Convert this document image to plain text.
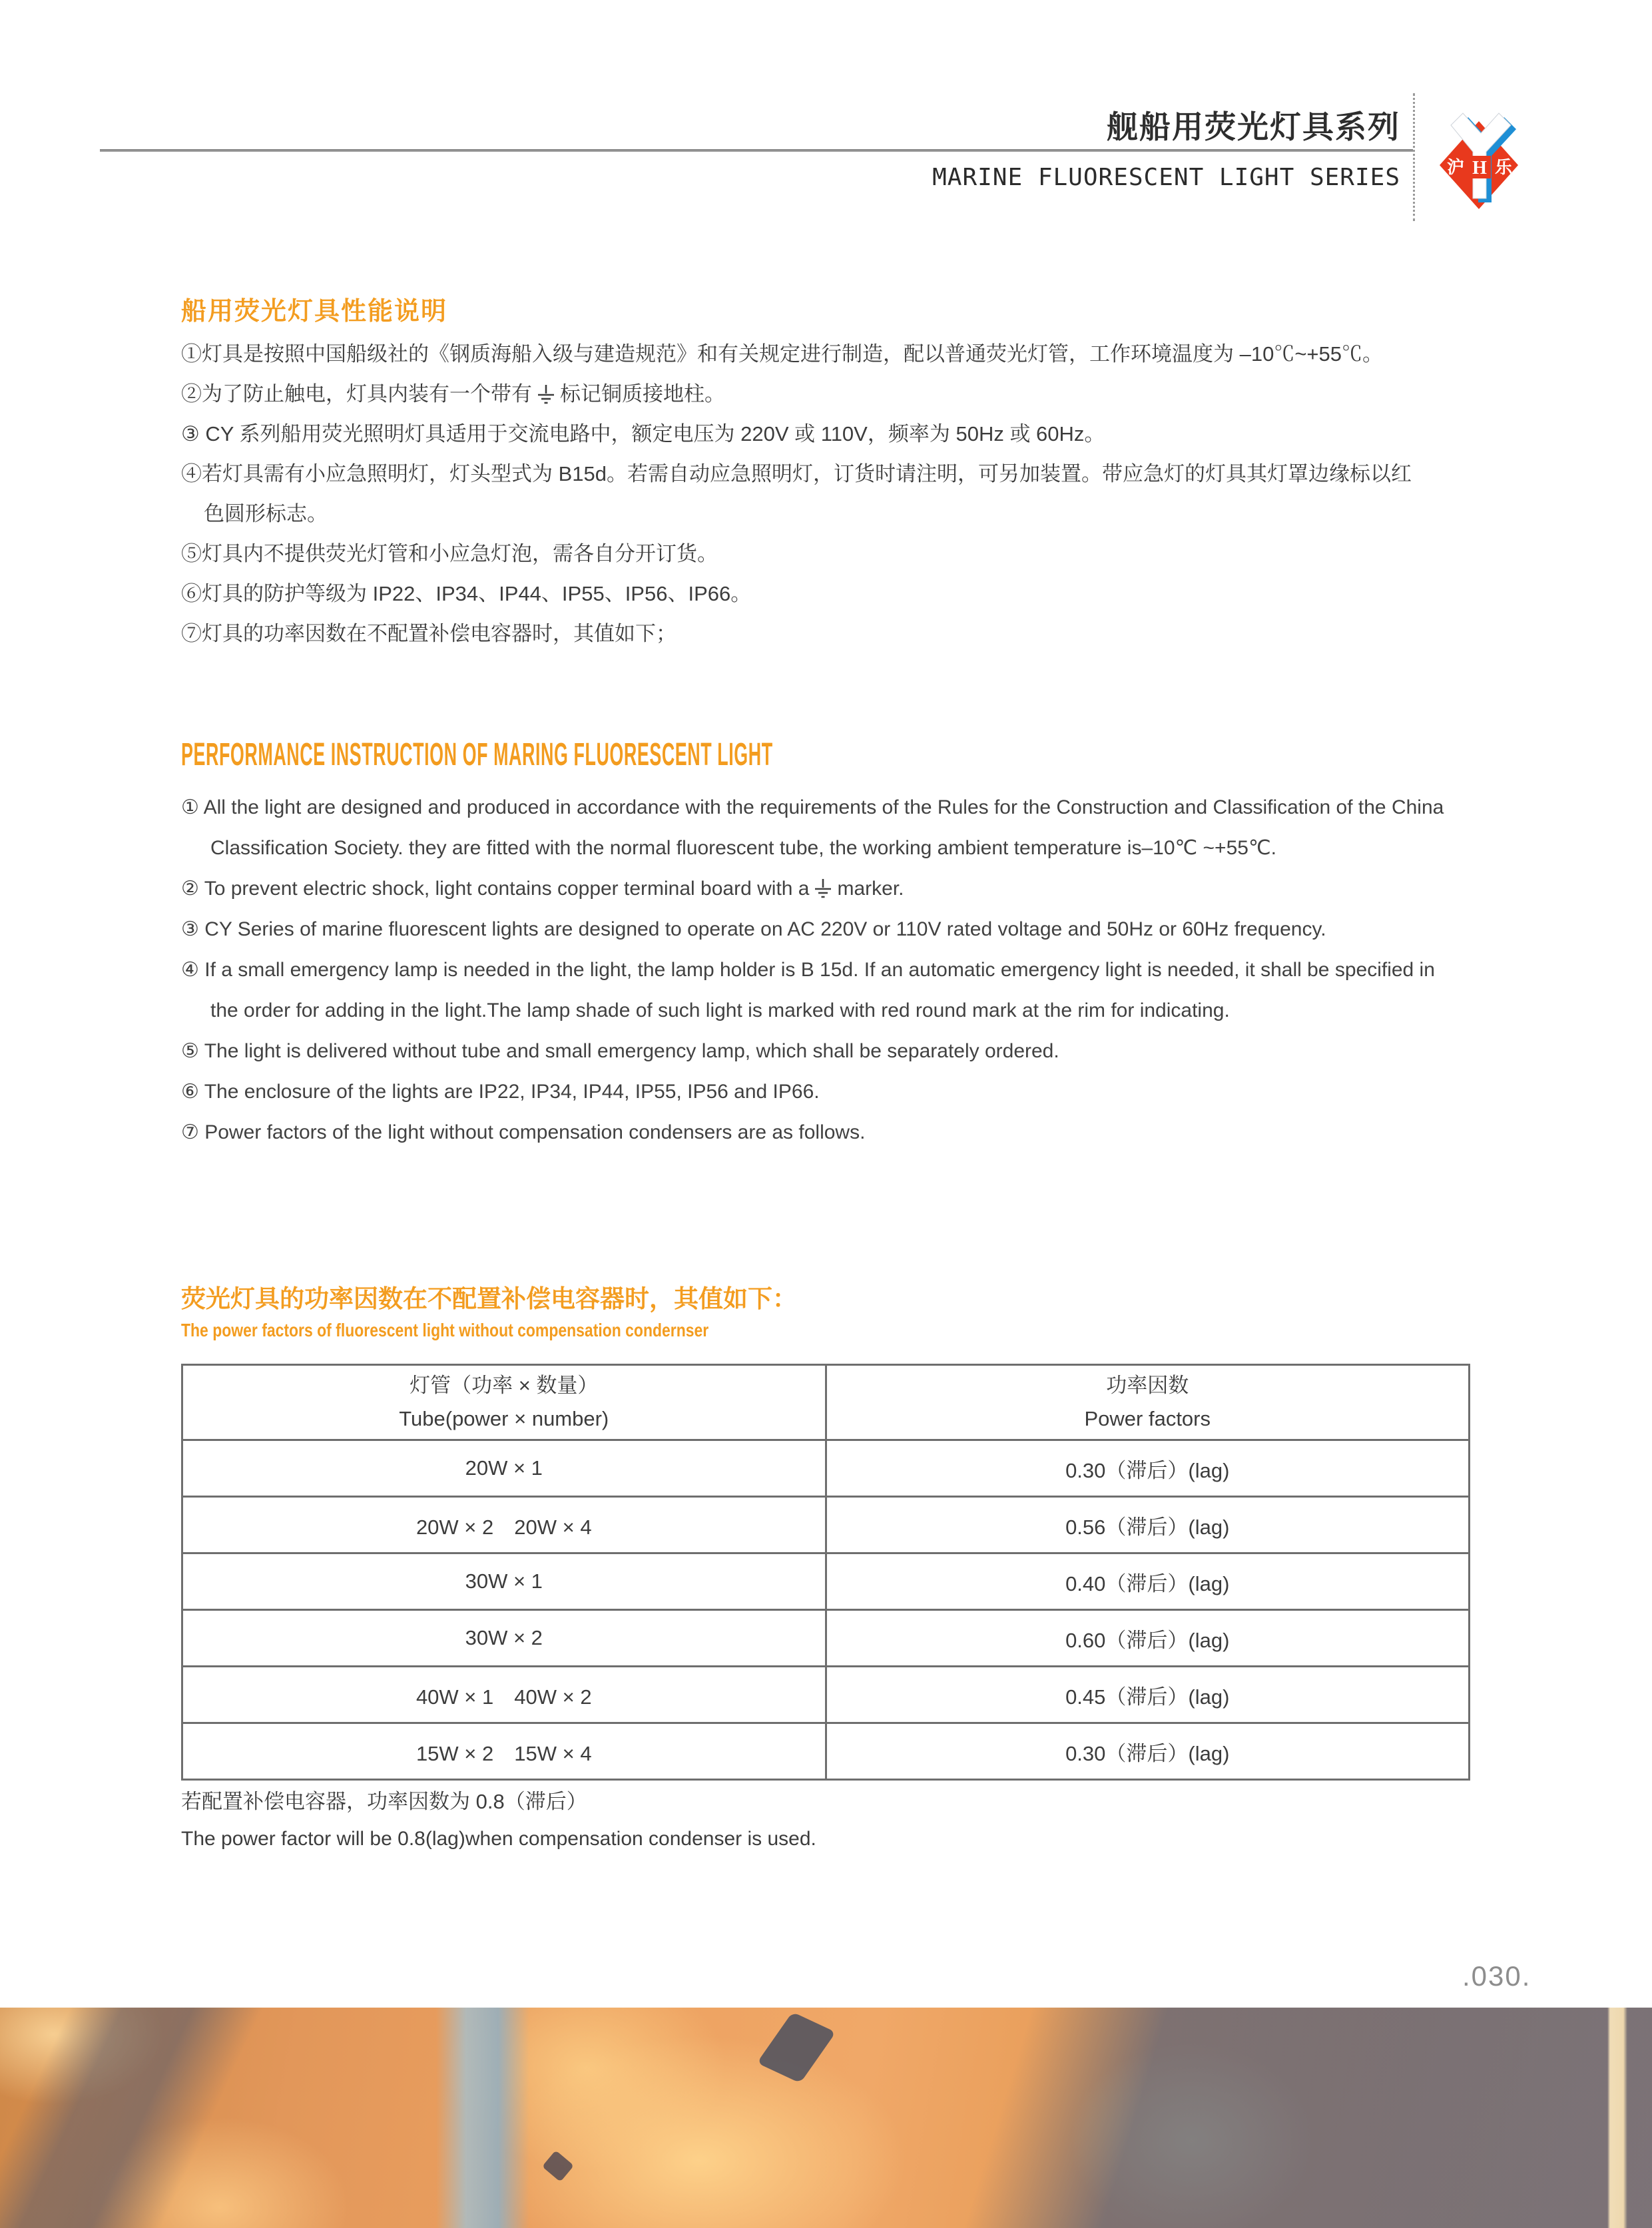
舰船用荧光灯具系列
MARINE FLUORESCENT LIGHT SERIES	沪 H 乐
船用荧光灯具性能说明
①灯具是按照中国船级社的《钢质海船入级与建造规范》和有关规定进行制造，配以普通荧光灯管，工作环境温度为 –10℃~+55℃。
②为了防止触电，灯具内装有一个带有 标记铜质接地柱。
③ CY 系列船用荧光照明灯具适用于交流电路中，额定电压为 220V 或 110V，频率为 50Hz 或 60Hz。
④若灯具需有小应急照明灯，灯头型式为 B15d。若需自动应急照明灯，订货时请注明，可另加装置。带应急灯的灯具其灯罩边缘标以红色圆形标志。
⑤灯具内不提供荧光灯管和小应急灯泡，需各自分开订货。
⑥灯具的防护等级为 IP22、IP34、IP44、IP55、IP56、IP66。
⑦灯具的功率因数在不配置补偿电容器时，其值如下；
PERFORMANCE INSTRUCTION OF MARING FLUORESCENT LIGHT
① All the light are designed and produced in accordance with the requirements of the Rules for the Construction and Classification of the China Classification Society. they are fitted with the normal fluorescent tube, the working ambient temperature is–10℃ ~+55℃.
② To prevent electric shock, light contains copper terminal board with a marker.
③ CY Series of marine fluorescent lights are designed to operate on AC 220V or 110V rated voltage and 50Hz or 60Hz frequency.
④ If a small emergency lamp is needed in the light, the lamp holder is B 15d. If an automatic emergency light is needed, it shall be specified in the order for adding in the light.The lamp shade of such light is marked with red round mark at the rim for indicating.
⑤ The light is delivered without tube and small emergency lamp, which shall be separately ordered.
⑥ The enclosure of the lights are IP22, IP34, IP44, IP55, IP56 and IP66.
⑦ Power factors of the light without compensation condensers are as follows.
荧光灯具的功率因数在不配置补偿电容器时，其值如下：
The power factors of fluorescent light without compensation condernser
灯管（功率 × 数量）
Tube(power × number)

功率因数
Power factors

20W × 1	0.30（滞后）(lag)
20W × 2　20W × 4	0.56（滞后）(lag)
30W × 1	0.40（滞后）(lag)
30W × 2	0.60（滞后）(lag)
40W × 1　40W × 2	0.45（滞后）(lag)
15W × 2　15W × 4	0.30（滞后）(lag)
若配置补偿电容器，功率因数为 0.8（滞后）
The power factor will be 0.8(lag)when compensation condenser is used.
.030.
